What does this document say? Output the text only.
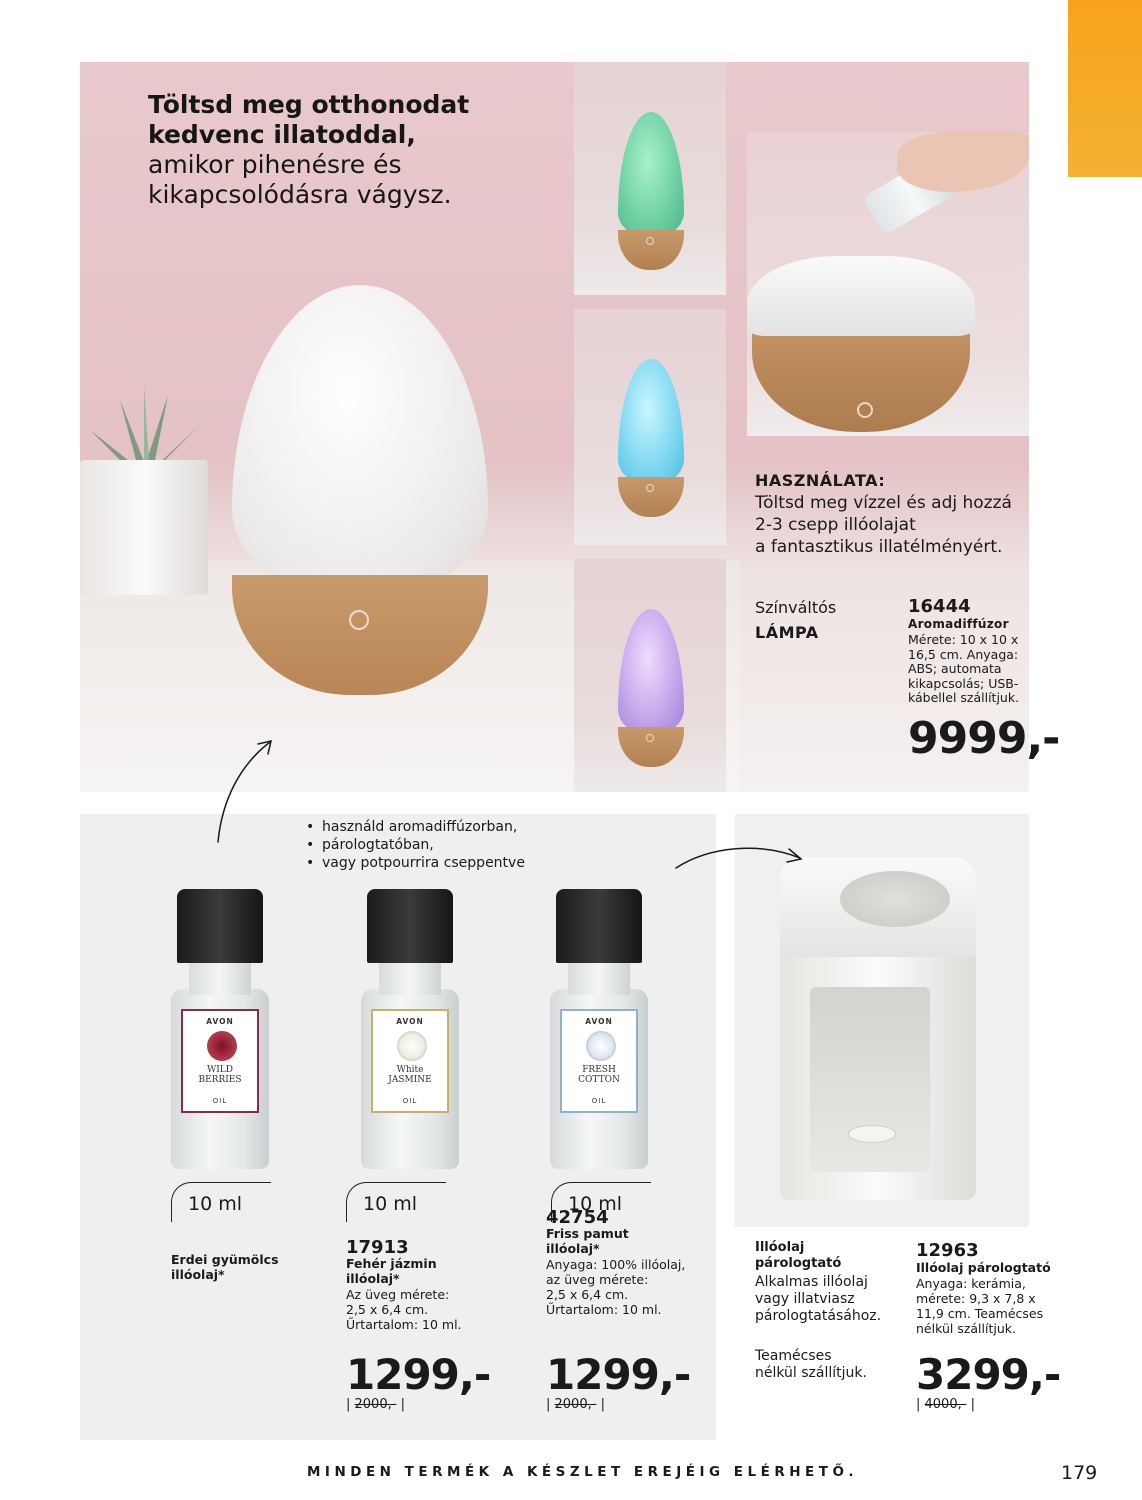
Töltsd meg otthonodat
kedvenc illatoddal,
amikor pihenésre és
kikapcsolódásra vágysz.
HASZNÁLATA:
Töltsd meg vízzel és adj hozzá
2-3 csepp illóolajat
a fantasztikus illatélményért.
Színváltós
LÁMPA
16444
Aromadiffúzor
Mérete: 10 x 10 x
16,5 cm. Anyaga:
ABS; automata
kikapcsolás; USB-
kábellel szállítjuk.
9999,-
• használd aromadiffúzorban,
• párologtatóban,
• vagy potpourrira cseppentve
AVON
WILD
BERRIES
OIL
AVON
White
JASMINE
OIL
AVON
FRESH
COTTON
OIL
10 ml	10 ml	10 ml
Erdei gyümölcs
illóolaj*
17913
Fehér jázmin
illóolaj*
Az üveg mérete:
2,5 x 6,4 cm.
Űrtartalom: 10 ml.
1299,-
| 2000,- |
42754
Friss pamut
illóolaj*
Anyaga: 100% illóolaj,
az üveg mérete:
2,5 x 6,4 cm.
Űrtartalom: 10 ml.
1299,-
| 2000,- |
Illóolaj
párologtató
Alkalmas illóolaj
vagy illatviasz
párologtatásához.
Teamécses
nélkül szállítjuk.
12963
Illóolaj párologtató
Anyaga: kerámia,
mérete: 9,3 x 7,8 x
11,9 cm. Teamécses
nélkül szállítjuk.
3299,-
| 4000,- |
MINDEN TERMÉK A KÉSZLET EREJÉIG ELÉRHETŐ.	179
